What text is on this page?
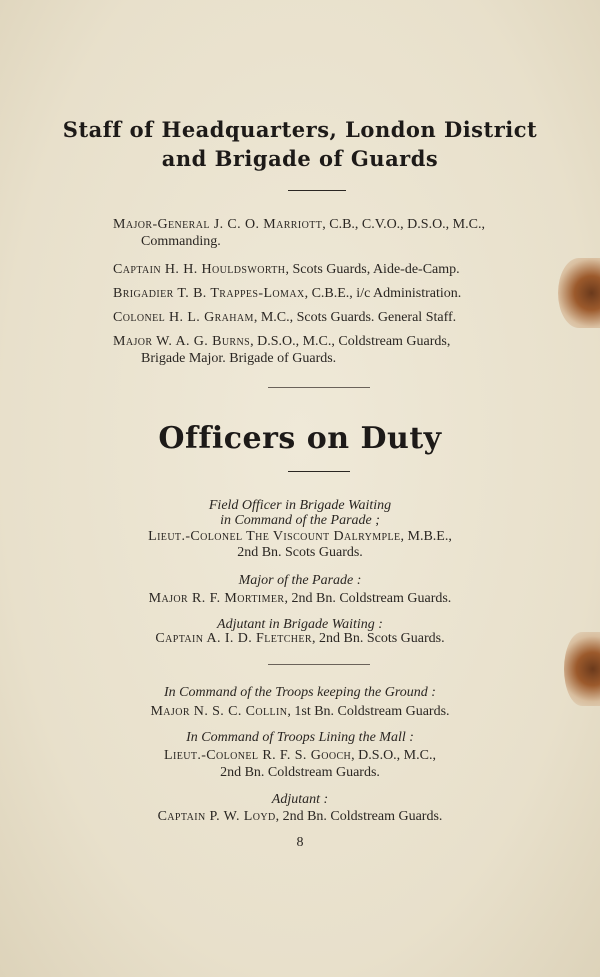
Staff of Headquarters, London District
and Brigade of Guards
Major-General J. C. O. Marriott, C.B., C.V.O., D.S.O., M.C.,
Commanding.
Captain H. H. Houldsworth, Scots Guards, Aide-de-Camp.
Brigadier T. B. Trappes-Lomax, C.B.E., i/c Administration.
Colonel H. L. Graham, M.C., Scots Guards. General Staff.
Major W. A. G. Burns, D.S.O., M.C., Coldstream Guards,
Brigade Major. Brigade of Guards.
Officers on Duty
Field Officer in Brigade Waiting
in Command of the Parade ;
Lieut.-Colonel The Viscount Dalrymple, M.B.E.,
2nd Bn. Scots Guards.
Major of the Parade :
Major R. F. Mortimer, 2nd Bn. Coldstream Guards.
Adjutant in Brigade Waiting :
Captain A. I. D. Fletcher, 2nd Bn. Scots Guards.
In Command of the Troops keeping the Ground :
Major N. S. C. Collin, 1st Bn. Coldstream Guards.
In Command of Troops Lining the Mall :
Lieut.-Colonel R. F. S. Gooch, D.S.O., M.C.,
2nd Bn. Coldstream Guards.
Adjutant :
Captain P. W. Loyd, 2nd Bn. Coldstream Guards.
8
